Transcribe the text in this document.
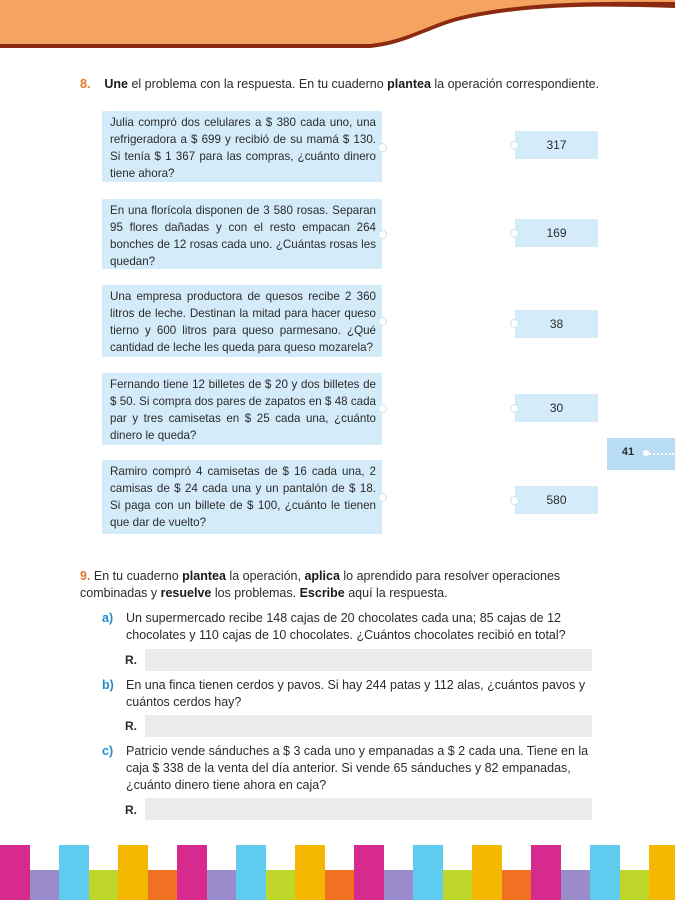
8. Une el problema con la respuesta. En tu cuaderno plantea la operación correspondiente.
Julia compró dos celulares a $ 380 cada uno, una refrigeradora a $ 699 y recibió de su mamá $ 130. Si tenía $ 1 367 para las compras, ¿cuánto dinero tiene ahora?
En una florícola disponen de 3 580 rosas. Separan 95 flores dañadas y con el resto empacan 264 bonches de 12 rosas cada uno. ¿Cuántas rosas les quedan?
Una empresa productora de quesos recibe 2 360 litros de leche. Destinan la mitad para hacer queso tierno y 600 litros para queso parmesano. ¿Qué cantidad de leche les queda para queso mozarela?
Fernando tiene 12 billetes de $ 20 y dos billetes de $ 50. Si compra dos pares de zapatos en $ 48 cada par y tres camisetas en $ 25 cada una, ¿cuánto dinero le queda?
Ramiro compró 4 camisetas de $ 16 cada una, 2 camisas de $ 24 cada una y un pantalón de $ 18. Si paga con un billete de $ 100, ¿cuánto le tienen que dar de vuelto?
317
169
38
30
580
41
9. En tu cuaderno plantea la operación, aplica lo aprendido para resolver operaciones combinadas y resuelve los problemas. Escribe aquí la respuesta.
a) Un supermercado recibe 148 cajas de 20 chocolates cada una; 85 cajas de 12 chocolates y 110 cajas de 10 chocolates. ¿Cuántos chocolates recibió en total?
R.
b) En una finca tienen cerdos y pavos. Si hay 244 patas y 112 alas, ¿cuántos pavos y cuántos cerdos hay?
R.
c) Patricio vende sánduches a $ 3 cada uno y empanadas a $ 2 cada una. Tiene en la caja $ 338 de la venta del día anterior. Si vende 65 sánduches y 82 empanadas, ¿cuánto dinero tiene ahora en caja?
R.
